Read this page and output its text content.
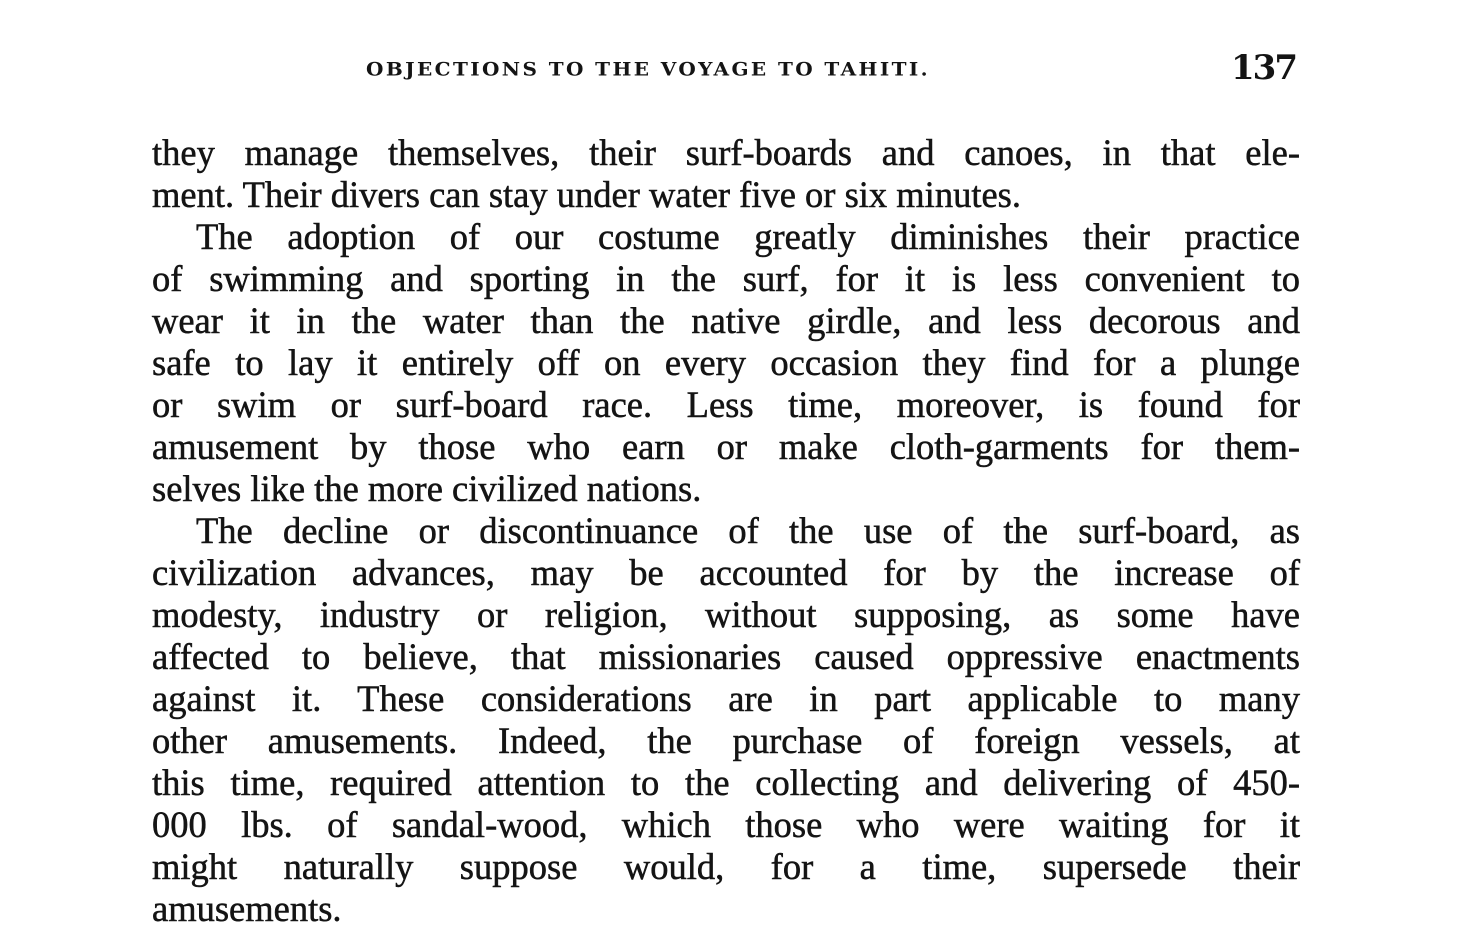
OBJECTIONS TO THE VOYAGE TO TAHITI.	137
they manage themselves, their surf-boards and canoes, in that ele-
ment. Their divers can stay under water five or six minutes.
The adoption of our costume greatly diminishes their practice
of swimming and sporting in the surf, for it is less convenient to
wear it in the water than the native girdle, and less decorous and
safe to lay it entirely off on every occasion they find for a plunge
or swim or surf-board race. Less time, moreover, is found for
amusement by those who earn or make cloth-garments for them-
selves like the more civilized nations.
The decline or discontinuance of the use of the surf-board, as
civilization advances, may be accounted for by the increase of
modesty, industry or religion, without supposing, as some have
affected to believe, that missionaries caused oppressive enactments
against it. These considerations are in part applicable to many
other amusements. Indeed, the purchase of foreign vessels, at
this time, required attention to the collecting and delivering of 450-
000 lbs. of sandal-wood, which those who were waiting for it
might naturally suppose would, for a time, supersede their
amusements.
